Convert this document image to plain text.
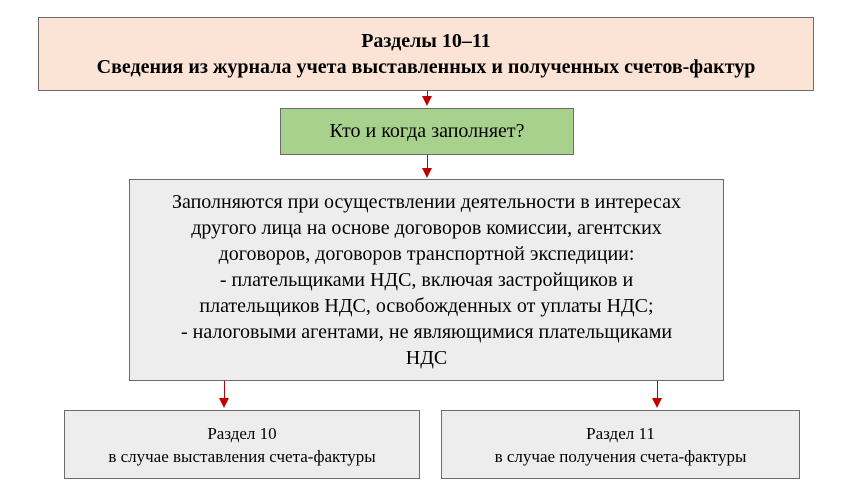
Разделы 10–11
Сведения из журнала учета выставленных и полученных счетов-фактур
Кто и когда заполняет?
Заполняются при осуществлении деятельности в интересах
другого лица на основе договоров комиссии, агентских
договоров, договоров транспортной экспедиции:
- плательщиками НДС, включая застройщиков и
плательщиков НДС, освобожденных от уплаты НДС;
- налоговыми агентами, не являющимися плательщиками
НДС
Раздел 10
в случае выставления счета-фактуры
Раздел 11
в случае получения счета-фактуры
